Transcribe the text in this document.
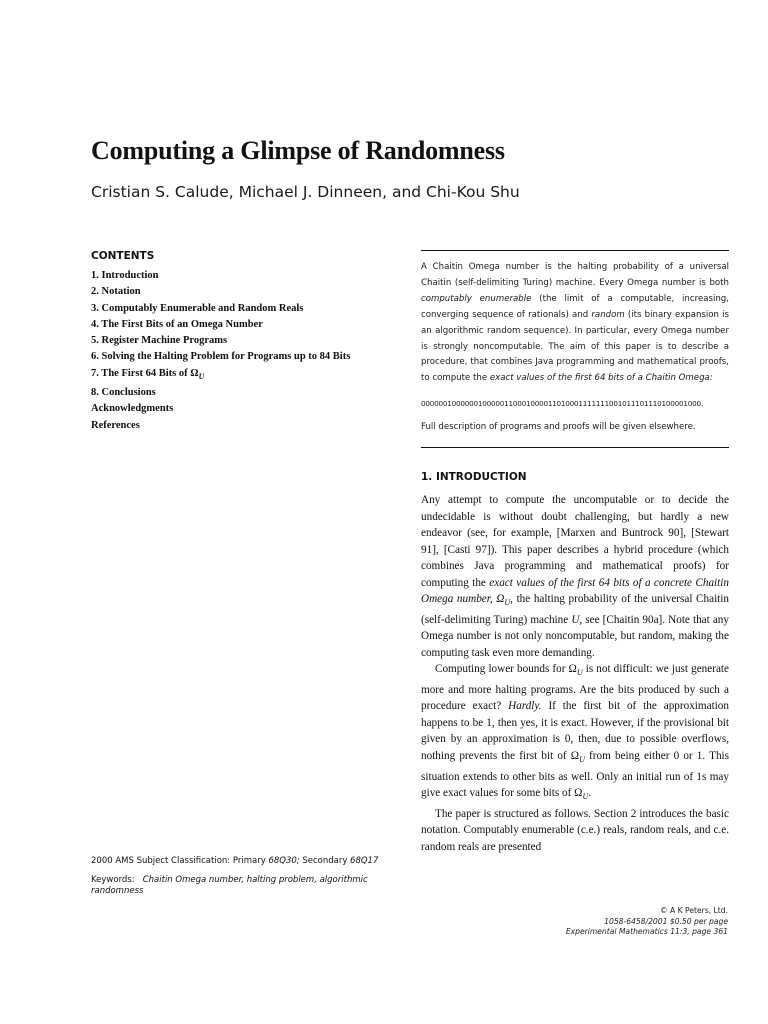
Computing a Glimpse of Randomness
Cristian S. Calude, Michael J. Dinneen, and Chi-Kou Shu
CONTENTS
1. Introduction
2. Notation
3. Computably Enumerable and Random Reals
4. The First Bits of an Omega Number
5. Register Machine Programs
6. Solving the Halting Problem for Programs up to 84 Bits
7. The First 64 Bits of $\Omega_U$
8. Conclusions
Acknowledgments
References

A Chaitin Omega number is the halting probability of a universal Chaitin (self-delimiting Turing) machine. Every Omega number is both computably enumerable (the limit of a computable, increasing, converging sequence of rationals) and random (its binary expansion is an algorithmic random sequence). In particular, every Omega number is strongly noncomputable. The aim of this paper is to describe a procedure, that combines Java programming and mathematical proofs, to compute the exact values of the first 64 bits of a Chaitin Omega:

0000001000000100000110001000011010001111111001011101110100001000.

Full description of programs and proofs will be given elsewhere.

1. INTRODUCTION

Any attempt to compute the uncomputable or to decide the undecidable is without doubt challenging, but hardly a new endeavor (see, for example, [Marxen and Buntrock 90], [Stewart 91], [Casti 97]). This paper describes a hybrid procedure (which combines Java programming and mathematical proofs) for computing the exact values of the first 64 bits of a concrete Chaitin Omega number, $\Omega_U$, the halting probability of the universal Chaitin (self-delimiting Turing) machine U, see [Chaitin 90a]. Note that any Omega number is not only noncomputable, but random, making the computing task even more demanding.

Computing lower bounds for $\Omega_U$ is not difficult: we just generate more and more halting programs. Are the bits produced by such a procedure exact? Hardly. If the first bit of the approximation happens to be 1, then yes, it is exact. However, if the provisional bit given by an approximation is 0, then, due to possible overflows, nothing prevents the first bit of $\Omega_U$ from being either 0 or 1. This situation extends to other bits as well. Only an initial run of 1s may give exact values for some bits of $\Omega_U$.

The paper is structured as follows. Section 2 introduces the basic notation. Computably enumerable (c.e.) reals, random reals, and c.e. random reals are presented

2000 AMS Subject Classification: Primary 68Q30; Secondary 68Q17
Keywords: Chaitin Omega number, halting problem, algorithmic randomness
© A K Peters, Ltd.
1058-6458/2001 $0.50 per page
Experimental Mathematics 11:3, page 361
